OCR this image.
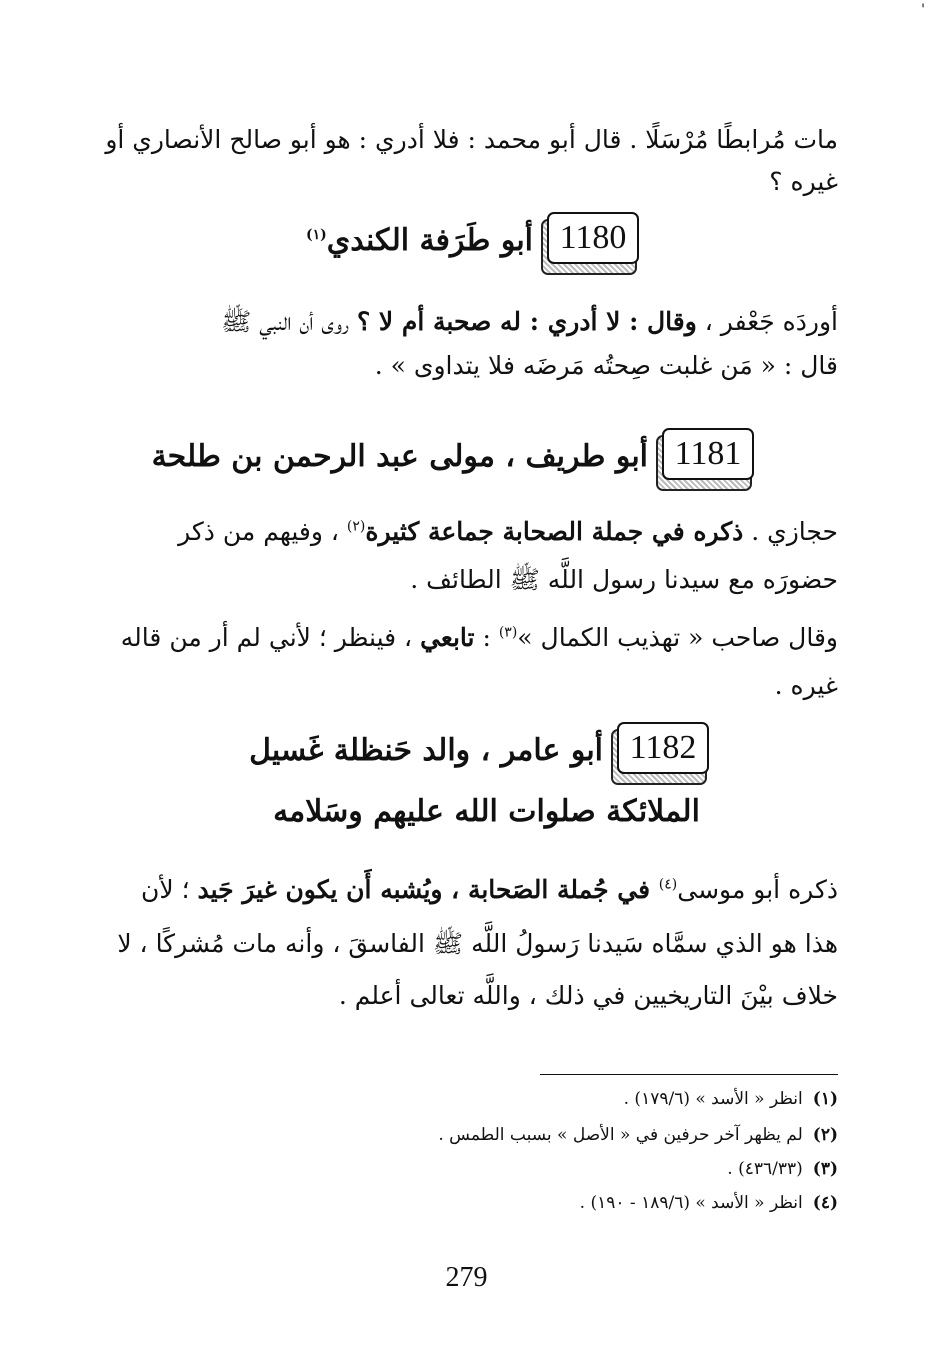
'
مات مُرابطًا مُرْسَلًا . قال أبو محمد : فلا أدري : هو أبو صالح الأنصاري أو
غيره ؟
أبو طَرَفة الكندي$^{(١)}$	1180
أوردَه جَعْفر ، وقال : لا أدري : له صحبة أم لا ؟ روى أن النبي ﷺ
قال : « مَن غلبت صِحتُه مَرضَه فلا يتداوى » .
أبو طريف ، مولى عبد الرحمن بن طلحة 1181
حجازي . ذكره في جملة الصحابة جماعة كثيرة$^{(٢)}$ ، وفيهم من ذكر
حضورَه مع سيدنا رسول اللَّه ﷺ الطائف .
وقال صاحب « تهذيب الكمال »$^{(٣)}$ : تابعي ، فينظر ؛ لأني لم أر من قاله
غيره .
أبو عامر ، والد حَنظلة غَسيل 1182
الملائكة صلوات الله عليهم وسَلامه
ذكره أبو موسى$^{(٤)}$ في جُملة الصَحابة ، ويُشبه أَن يكون غيرَ جَيد ؛ لأن
هذا هو الذي سمَّاه سَيدنا رَسولُ اللَّه ﷺ الفاسقَ ، وأنه مات مُشركًا ، لا
خلاف بيْنَ التاريخيين في ذلك ، واللَّه تعالى أعلم .
(١)انظر « الأسد » (١٧٩/٦) .
(٢)لم يظهر آخر حرفين في « الأصل » بسبب الطمس .
(٣)(٤٣٦/٣٣) .
(٤)انظر « الأسد » (١٨٩/٦ - ١٩٠) .
279
